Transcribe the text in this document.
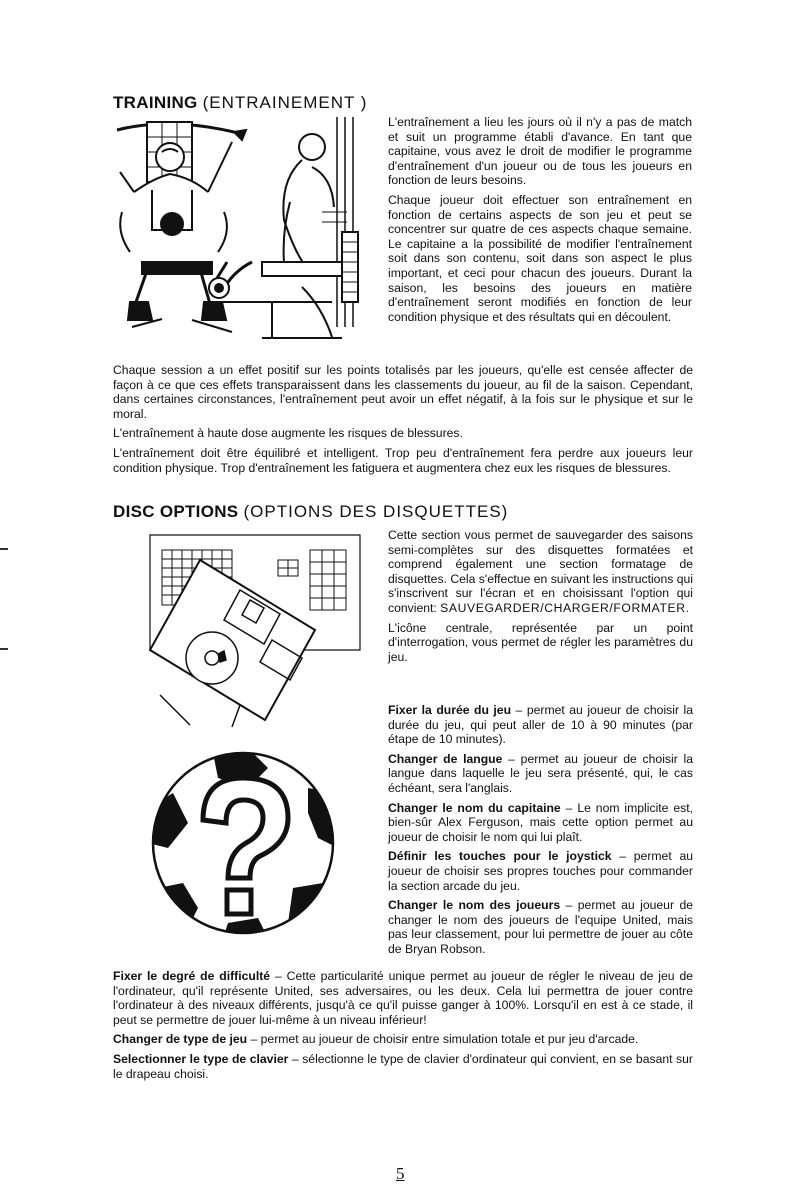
TRAINING (ENTRAINEMENT )

L'entraînement a lieu les jours où il n'y a pas de match et suit un programme établi d'avance. En tant que capitaine, vous avez le droit de modifier le programme d'entraînement d'un joueur ou de tous les joueurs en fonction de leurs besoins.

Chaque joueur doit effectuer son entraînement en fonction de certains aspects de son jeu et peut se concentrer sur quatre de ces aspects chaque semaine. Le capitaine a la possibilité de modifier l'entraînement soit dans son contenu, soit dans son aspect le plus important, et ceci pour chacun des joueurs. Durant la saison, les besoins des joueurs en matière d'entraînement seront modifiés en fonction de leur condition physique et des résultats qui en découlent.

Chaque session a un effet positif sur les points totalisés par les joueurs, qu'elle est censée affecter de façon à ce que ces effets transparaissent dans les classements du joueur, au fil de la saison. Cependant, dans certaines circonstances, l'entraînement peut avoir un effet négatif, à la fois sur le physique et sur le moral.

L'entraînement à haute dose augmente les risques de blessures.

L'entraînement doit être équilibré et intelligent. Trop peu d'entraînement fera perdre aux joueurs leur condition physique. Trop d'entraînement les fatiguera et augmentera chez eux les risques de blessures.

DISC OPTIONS (OPTIONS DES DISQUETTES)

Cette section vous permet de sauvegarder des saisons semi-complètes sur des disquettes formatées et comprend également une section formatage de disquettes. Cela s'effectue en suivant les instructions qui s'inscrivent sur l'écran et en choisissant l'option qui convient: SAUVEGARDER/CHARGER/FORMATER.

L'icône centrale, représentée par un point d'interrogation, vous permet de régler les paramètres du jeu.

Fixer la durée du jeu – permet au joueur de choisir la durée du jeu, qui peut aller de 10 à 90 minutes (par étape de 10 minutes).

Changer de langue – permet au joueur de choisir la langue dans laquelle le jeu sera présenté, qui, le cas échéant, sera l'anglais.

Changer le nom du capitaine – Le nom implicite est, bien-sûr Alex Ferguson, mais cette option permet au joueur de choisir le nom qui lui plaît.

Définir les touches pour le joystick – permet au joueur de choisir ses propres touches pour commander la section arcade du jeu.

Changer le nom des joueurs – permet au joueur de changer le nom des joueurs de l'equipe United, mais pas leur classement, pour lui permettre de jouer au côte de Bryan Robson.

Fixer le degré de difficulté – Cette particularité unique permet au joueur de régler le niveau de jeu de l'ordinateur, qu'il représente United, ses adversaires, ou les deux. Cela lui permettra de jouer contre l'ordinateur à des niveaux différents, jusqu'à ce qu'il puisse ganger à 100%. Lorsqu'il en est à ce stade, il peut se permettre de jouer lui-même à un niveau inférieur!

Changer de type de jeu – permet au joueur de choisir entre simulation totale et pur jeu d'arcade.

Selectionner le type de clavier – sélectionne le type de clavier d'ordinateur qui convient, en se basant sur le drapeau choisi.

5
